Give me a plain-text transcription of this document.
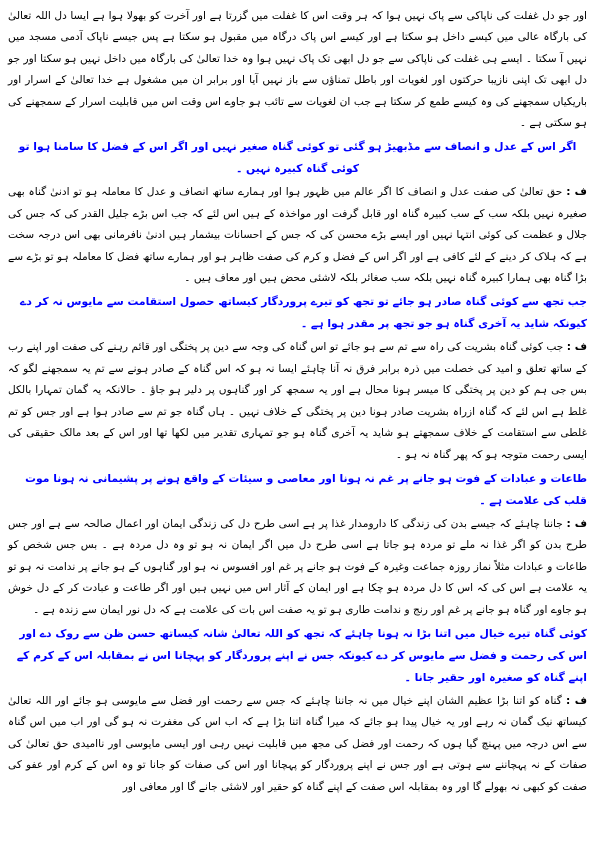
اور جو دل غفلت کی ناپاکی سے پاک نہیں ہوا کہ ہر وقت اس کا غفلت میں گزرتا ہے اور آخرت کو بھولا ہوا ہے ایسا دل اللہ تعالیٰ کی بارگاہ عالی میں کیسے داخل ہو سکتا ہے اور کیسے اس پاک درگاہ میں مقبول ہو سکتا ہے پس جیسے ناپاک آدمی مسجد میں نہیں آ سکتا ۔ ایسے ہی غفلت کی ناپاکی سے جو دل ابھی تک پاک نہیں ہوا وہ خدا تعالیٰ کی بارگاہ میں داخل نہیں ہو سکتا اور جو دل ابھی تک اپنی نازیبا حرکتوں اور لغویات اور باطل تمناؤں سے باز نہیں آیا اور برابر ان میں مشغول ہے خدا تعالیٰ کے اسرار اور باریکیاں سمجھنے کی وہ کیسے طمع کر سکتا ہے جب ان لغویات سے تائب ہو جاوے اس وقت اس میں قابلیت اسرار کے سمجھنے کی ہو سکتی ہے ۔
اگر اس کے عدل و انصاف سے مڈبھیڑ ہو گئی تو کوئی گناہ صغیر نہیں اور اگر اس کے فضل کا سامنا ہوا تو کوئی گناہ کبیرہ نہیں ۔
ف : حق تعالیٰ کی صفت عدل و انصاف کا اگر عالم میں ظہور ہوا اور ہمارے ساتھ انصاف و عدل کا معاملہ ہو تو ادنیٰ گناہ بھی صغیرہ نہیں بلکہ سب کے سب کبیرہ گناہ اور قابل گرفت اور مواخذہ کے ہیں اس لئے کہ جب اس بڑے جلیل القدر کی کہ جس کی جلال و عظمت کی کوئی انتہا نہیں اور ایسے بڑے محسن کی کہ جس کے احسانات بیشمار ہیں ادنیٰ نافرمانی بھی اس درجہ سخت ہے کہ ہلاک کر دینے کے لئے کافی ہے اور اگر اس کے فضل و کرم کی صفت ظاہر ہو اور ہمارے ساتھ فضل کا معاملہ ہو تو بڑے سے بڑا گناہ بھی ہمارا کبیرہ گناہ نہیں بلکہ سب صغائر بلکہ لاشئی محض ہیں اور معاف ہیں ۔
جب تجھ سے کوئی گناہ صادر ہو جائے تو تجھ کو تیرے پروردگار کیساتھ حصول استقامت سے مایوس نہ کر دے کیونکہ شاید یہ آخری گناہ ہو جو تجھ پر مقدر ہوا ہے ۔
ف : جب کوئی گناہ بشریت کی راہ سے تم سے ہو جائے تو اس گناہ کی وجہ سے دین پر پختگی اور قائم رہنے کی صفت اور اپنے رب کے ساتھ تعلق و امید کی خصلت میں ذرہ برابر فرق نہ آنا چاہئے ایسا نہ ہو کہ اس گناہ کے صادر ہونے سے تم یہ سمجھنے لگو کہ بس جی ہم کو دین پر پختگی کا میسر ہونا محال ہے اور یہ سمجھ کر اور گناہوں پر دلیر ہو جاؤ ۔ حالانکہ یہ گمان تمہارا بالکل غلط ہے اس لئے کہ گناہ ازراہ بشریت صادر ہونا دین پر پختگی کے خلاف نہیں ۔ ہاں گناہ جو تم سے صادر ہوا ہے اور جس کو تم غلطی سے استقامت کے خلاف سمجھتے ہو شاید یہ آخری گناہ ہو جو تمہاری تقدیر میں لکھا تھا اور اس کے بعد مالک حقیقی کی ایسی رحمت متوجہ ہو کہ پھر گناہ نہ ہو ۔
طاعات و عبادات کے فوت ہو جانے پر غم نہ ہونا اور معاصی و سیئات کے واقع ہونے پر پشیمانی نہ ہونا موت قلب کی علامت ہے ۔
ف : جاننا چاہئے کہ جیسے بدن کی زندگی کا دارومدار غذا پر ہے اسی طرح دل کی زندگی ایمان اور اعمال صالحہ سے ہے اور جس طرح بدن کو اگر غذا نہ ملے تو مردہ ہو جاتا ہے اسی طرح دل میں اگر ایمان نہ ہو تو وہ دل مردہ ہے ۔ بس جس شخص کو طاعات و عبادات مثلاً نماز روزہ جماعت وغیرہ کے فوت ہو جانے پر غم اور افسوس نہ ہو اور گناہوں کے ہو جانے پر ندامت نہ ہو تو یہ علامت ہے اس کی کہ اس کا دل مردہ ہو چکا ہے اور ایمان کے آثار اس میں نہیں ہیں اور اگر طاعت و عبادت کر کے دل خوش ہو جاوے اور گناہ ہو جانے پر غم اور رنج و ندامت طاری ہو تو یہ صفت اس بات کی علامت ہے کہ دل نور ایمان سے زندہ ہے ۔
کوئی گناہ تیرے خیال میں اتنا بڑا نہ ہونا چاہئے کہ تجھ کو اللہ تعالیٰ شانہ کیساتھ حسن ظن سے روک دے اور اس کی رحمت و فضل سے مایوس کر دے کیونکہ جس نے اپنے پروردگار کو پہچانا اس نے بمقابلہ اس کے کرم کے اپنے گناہ کو صغیرہ اور حقیر جانا ۔
ف : گناہ کو اتنا بڑا عظیم الشان اپنے خیال میں نہ جاننا چاہئے کہ جس سے رحمت اور فضل سے مایوسی ہو جائے اور اللہ تعالیٰ کیساتھ نیک گمان نہ رہے اور یہ خیال پیدا ہو جائے کہ میرا گناہ اتنا بڑا ہے کہ اب اس کی مغفرت نہ ہو گی اور اب میں اس گناہ سے اس درجہ میں پہنچ گیا ہوں کہ رحمت اور فضل کی مجھ میں قابلیت نہیں رہی اور ایسی مایوسی اور ناامیدی حق تعالیٰ کی صفات کے نہ پہچاننے سے ہوتی ہے اور جس نے اپنے پروردگار کو پہچانا اور اس کی صفات کو جانا تو وہ اس کے کرم اور عفو کی صفت کو کبھی نہ بھولے گا اور وہ بمقابلہ اس صفت کے اپنے گناہ کو حقیر اور لاشئی جانے گا اور معافی اور
